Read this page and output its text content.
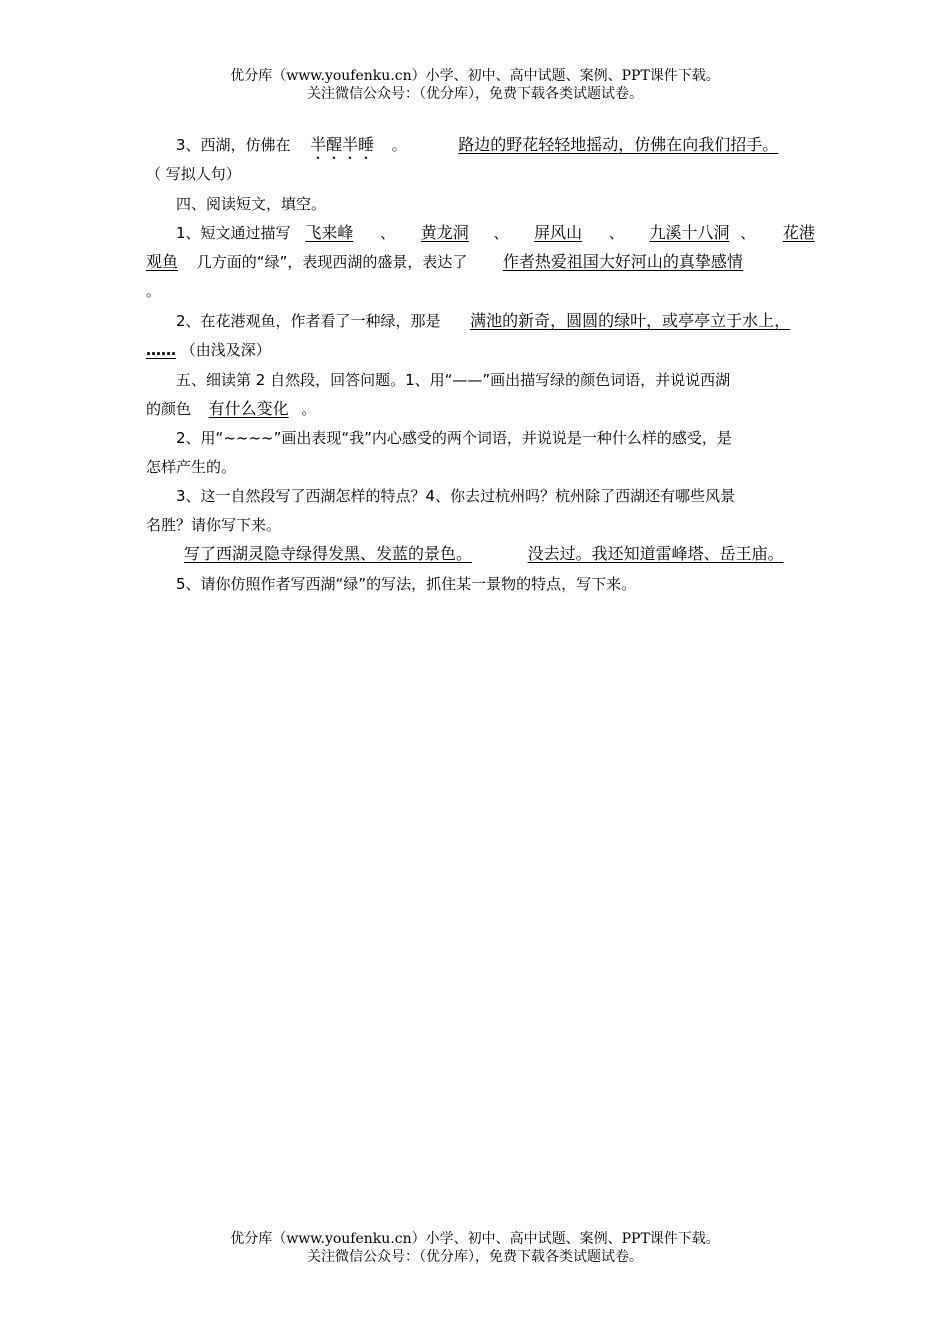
优分库（www.youfenku.cn）小学、初中、高中试题、案例、PPT课件下载。
关注微信公众号：（优分库），免费下载各类试题试卷。
3、西湖，仿佛在 半醒半睡 。	路边的野花轻轻地摇动，仿佛在向我们招手。
（ 写拟人句）
四、阅读短文，填空。
1、短文通过描写 飞来峰 、 黄龙洞 、 屏风山 、 九溪十八洞 、 花港
观鱼 几方面的“绿”，表现西湖的盛景，表达了 作者热爱祖国大好河山的真挚感情
。
2、在花港观鱼，作者看了一种绿，那是 满池的新奇，圆圆的绿叶，或亭亭立于水上，
…… （由浅及深）
五、细读第 2 自然段，回答问题。1、用“——”画出描写绿的颜色词语，并说说西湖
的颜色 有什么变化 。
2、用“~~~~”画出表现“我”内心感受的两个词语，并说说是一种什么样的感受，是
怎样产生的。
3、这一自然段写了西湖怎样的特点？4、你去过杭州吗？杭州除了西湖还有哪些风景
名胜？请你写下来。
写了西湖灵隐寺绿得发黑、发蓝的景色。	没去过。我还知道雷峰塔、岳王庙。
5、请你仿照作者写西湖“绿”的写法，抓住某一景物的特点，写下来。
优分库（www.youfenku.cn）小学、初中、高中试题、案例、PPT课件下载。
关注微信公众号：（优分库），免费下载各类试题试卷。
